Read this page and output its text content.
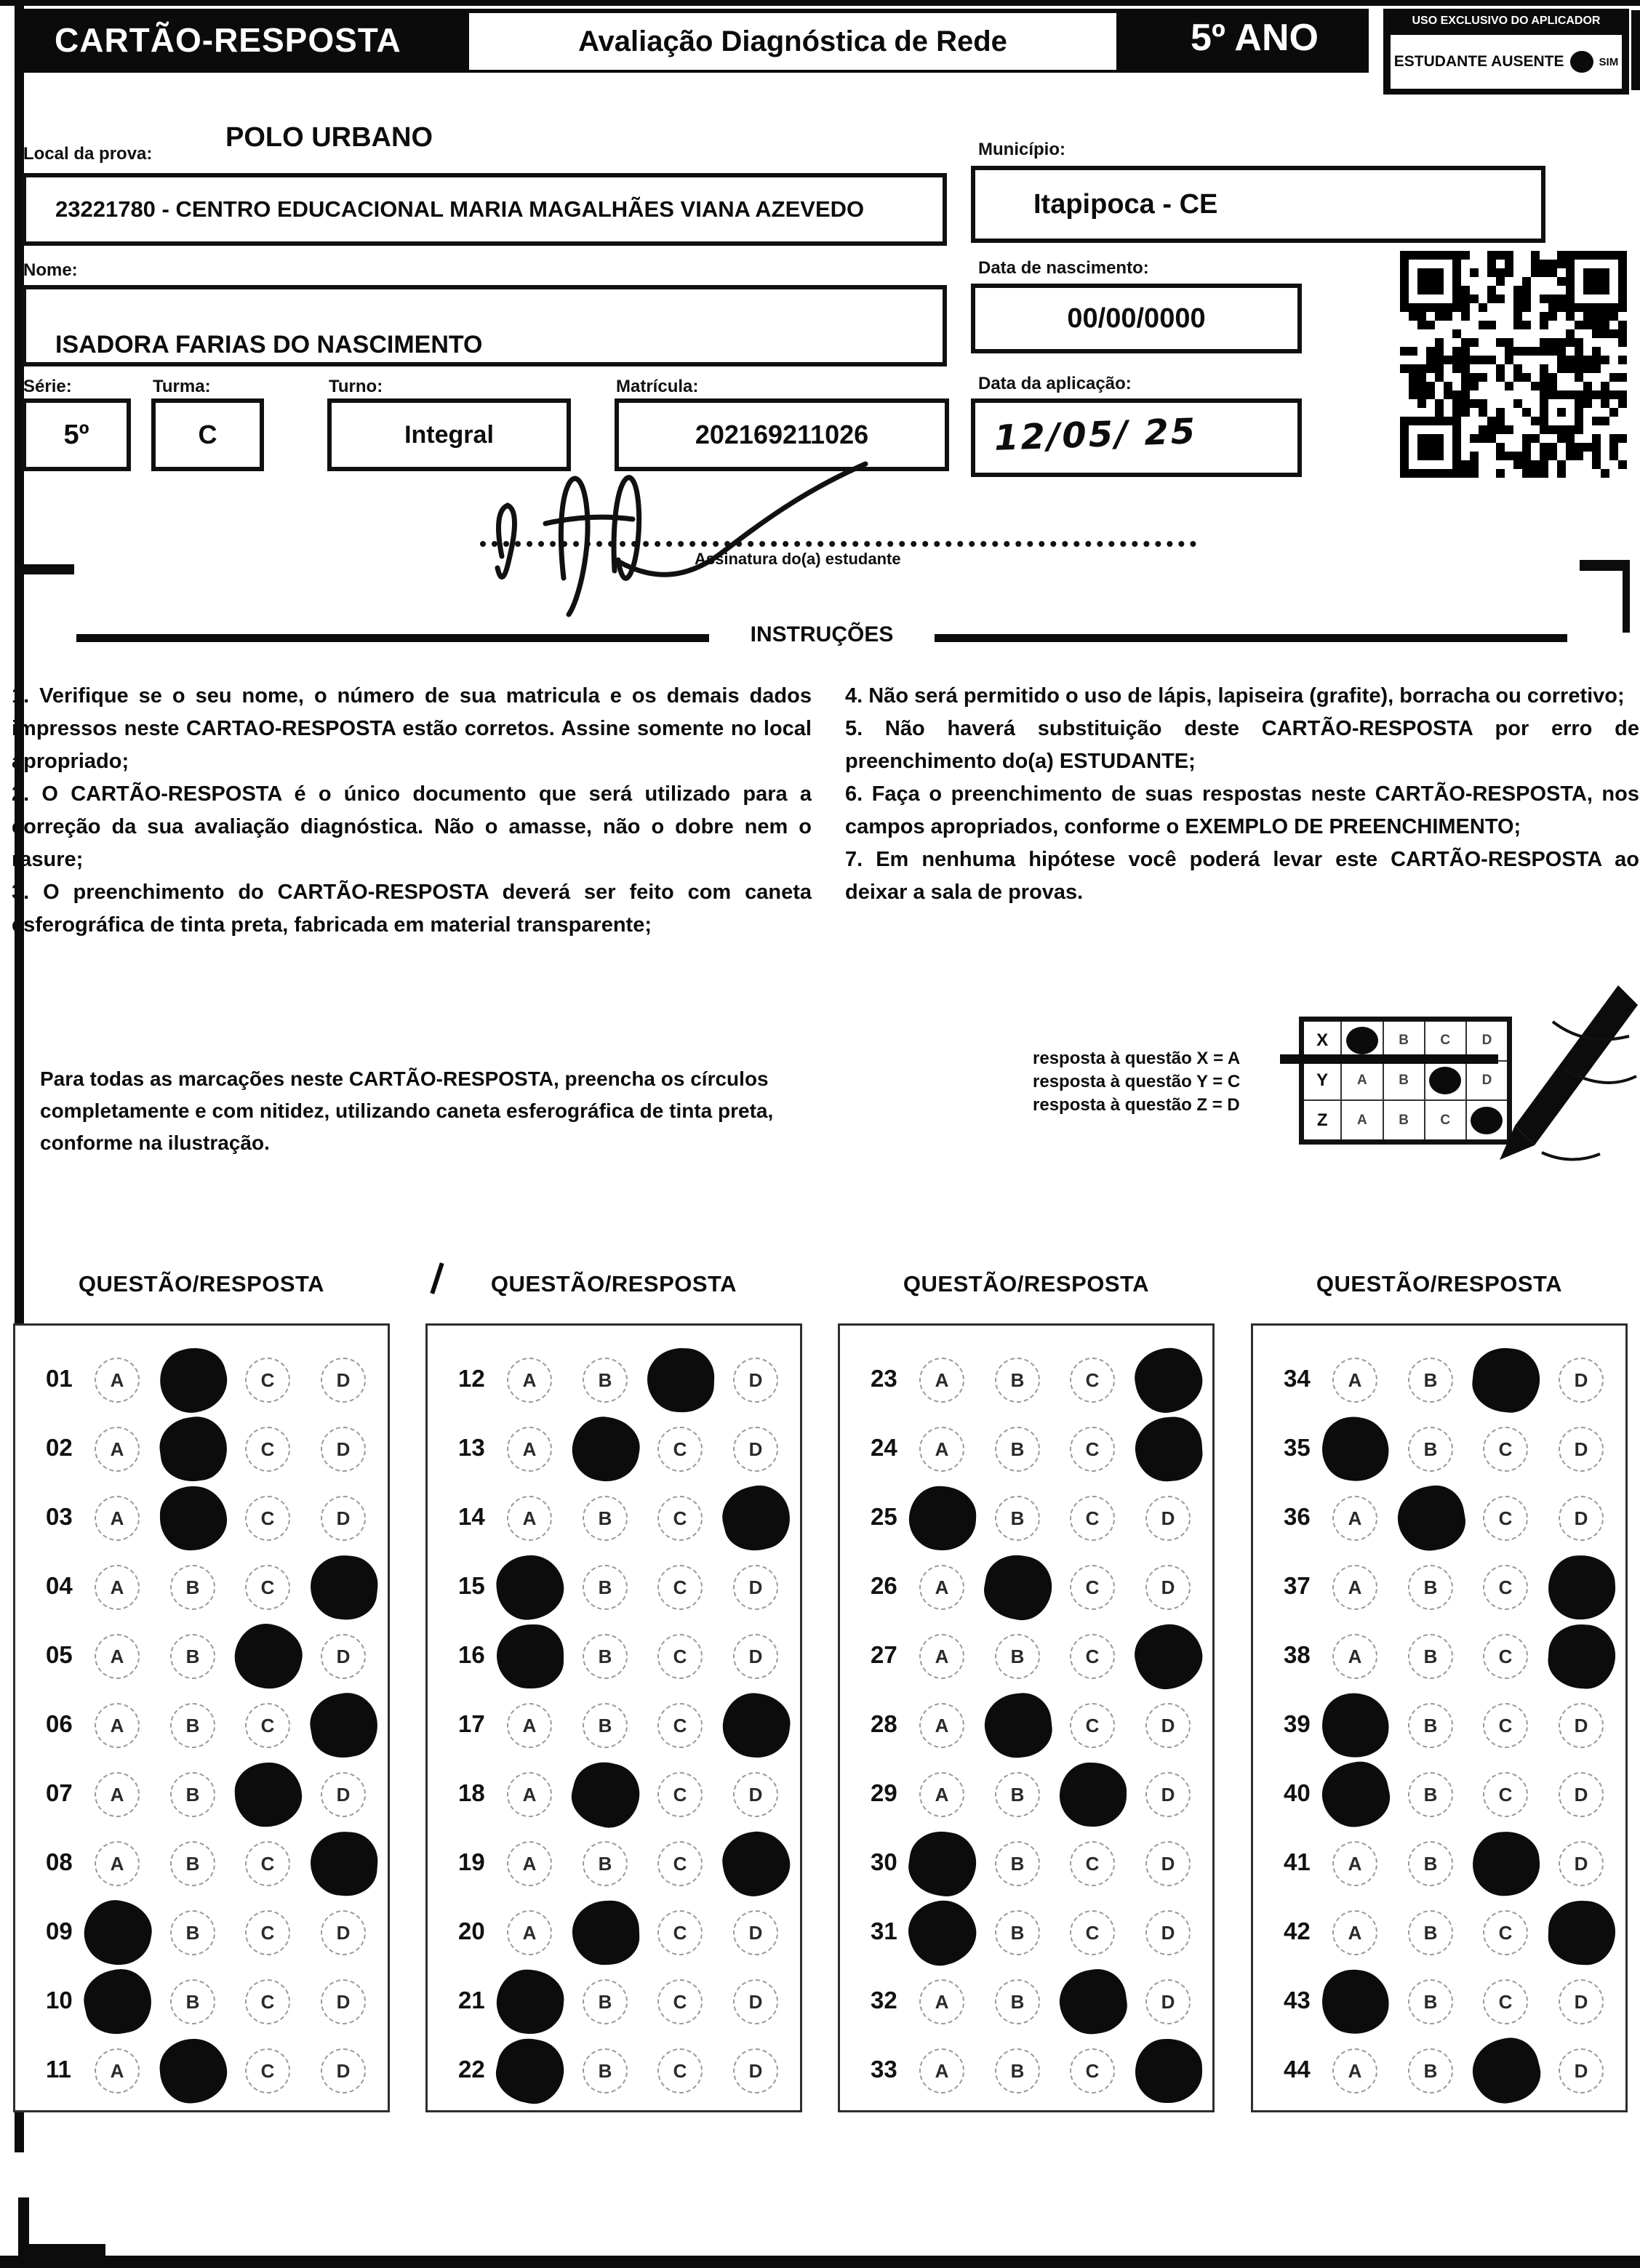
CARTÃO-RESPOSTA	Avaliação Diagnóstica de Rede	5º ANO	USO EXCLUSIVO DO APLICADOR
ESTUDANTE AUSENTE	SIM
Local da prova:
POLO URBANO
23221780 - CENTRO EDUCACIONAL MARIA MAGALHÃES VIANA AZEVEDO
Município:
Itapipoca - CE
Nome:
ISADORA FARIAS DO NASCIMENTO
Data de nascimento:
00/00/0000
Série:
5º
Turma:
C
Turno:
Integral
Matrícula:
202169211026
Data da aplicação:
12/05/ 25
Assinatura do(a) estudante
INSTRUÇÕES

1. Verifique se o seu nome, o número de sua matricula e os demais dados impressos neste CARTAO-RESPOSTA estão corretos. Assine somente no local apropriado;

2. O CARTÃO-RESPOSTA é o único documento que será utilizado para a correção da sua avaliação diagnóstica. Não o amasse, não o dobre nem o rasure;

3. O preenchimento do CARTÃO-RESPOSTA deverá ser feito com caneta esferográfica de tinta preta, fabricada em material transparente;

4. Não será permitido o uso de lápis, lapiseira (grafite), borracha ou corretivo;

5. Não haverá substituição deste CARTÃO-RESPOSTA por erro de preenchimento do(a) ESTUDANTE;

6. Faça o preenchimento de suas respostas neste CARTÃO-RESPOSTA, nos campos apropriados, conforme o EXEMPLO DE PREENCHIMENTO;

7. Em nenhuma hipótese você poderá levar este CARTÃO-RESPOSTA ao deixar a sala de provas.

Para todas as marcações neste CARTÃO-RESPOSTA, preencha os círculos completamente e com nitidez, utilizando caneta esferográfica de tinta preta, conforme na ilustração.
resposta à questão X = A
resposta à questão Y = C
resposta à questão Z = D
X	B	C	D
Y	A	B	D
Z	A	B	C
QUESTÃO/RESPOSTA
01 A	C	D
02 A	C	D
03 A	C	D
04 A	B	C
05 A	B	D
06 A	B	C
07 A	B	D
08 A	B	C
09	B	C	D
10	B	C	D
11 A	C	D
QUESTÃO/RESPOSTA
12 A	B	D
13 A	C	D
14 A	B	C
15	B	C	D
16	B	C	D
17 A	B	C
18 A	C	D
19 A	B	C
20 A	C	D
21	B	C	D
22	B	C	D
QUESTÃO/RESPOSTA
23 A	B	C
24 A	B	C
25	B	C	D
26 A	C	D
27 A	B	C
28 A	C	D
29 A	B	D
30	B	C	D
31	B	C	D
32 A	B	D
33 A	B	C
QUESTÃO/RESPOSTA
34 A	B	D
35	B	C	D
36 A	C	D
37 A	B	C
38 A	B	C
39	B	C	D
40	B	C	D
41 A	B	D
42 A	B	C
43	B	C	D
44 A	B	D
